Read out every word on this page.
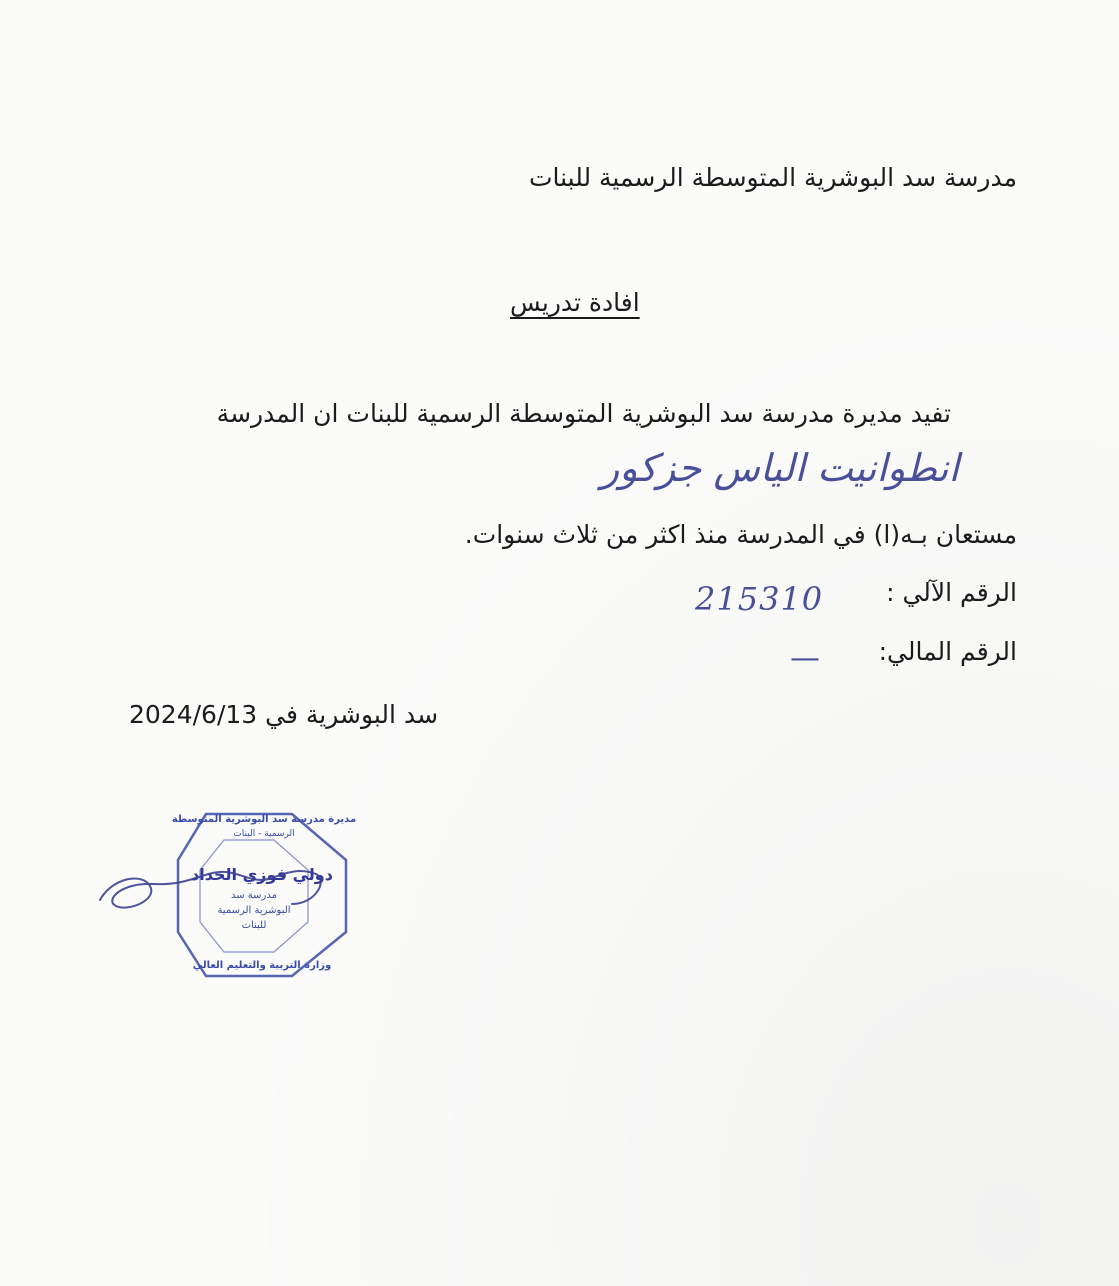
مدرسة سد البوشرية المتوسطة الرسمية للبنات
افادة تدريس
تفيد مديرة مدرسة سد البوشرية المتوسطة الرسمية للبنات ان المدرسة
انطوانيت الياس جزكور
مستعان بـه(ا) في المدرسة منذ اكثر من ثلاث سنوات.
الرقم الآلي :
215310
الرقم المالي:
—
سد البوشرية في 2024/6/13
مديرة مدرسة سد البوشرية المتوسطة
الرسمية - البنات
دولي فوزي الحداد
مدرسة سد
البوشرية الرسمية
للبنات
وزارة التربية والتعليم العالي
